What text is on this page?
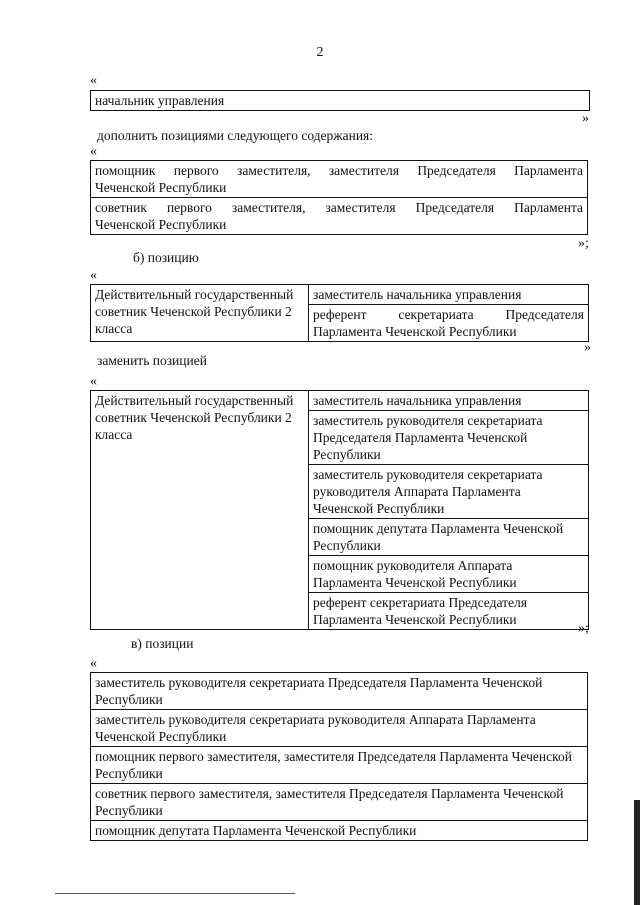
2
«
начальник управления
»
дополнить позициями следующего содержания:
«
помощник первого заместителя, заместителя Председателя Парламента
Чеченской Республики

советник первого заместителя, заместителя Председателя Парламента
Чеченской Республики
»;
б) позицию
«
Действительный государственный советник Чеченской Республики 2 класса	заместитель начальника управления

референт секретариата Председателя
Парламента Чеченской Республики
»
заменить позицией
«
Действительный государственный советник Чеченской Республики 2 класса	заместитель начальника управления
заместитель руководителя секретариата Председателя Парламента Чеченской Республики
заместитель руководителя секретариата руководителя Аппарата Парламента Чеченской Республики
помощник депутата Парламента Чеченской Республики
помощник руководителя Аппарата Парламента Чеченской Республики
референт секретариата Председателя Парламента Чеченской Республики
»;
в) позиции
«
заместитель руководителя секретариата Председателя Парламента Чеченской Республики
заместитель руководителя секретариата руководителя Аппарата Парламента Чеченской Республики
помощник первого заместителя, заместителя Председателя Парламента Чеченской Республики
советник первого заместителя, заместителя Председателя Парламента Чеченской Республики
помощник депутата Парламента Чеченской Республики
